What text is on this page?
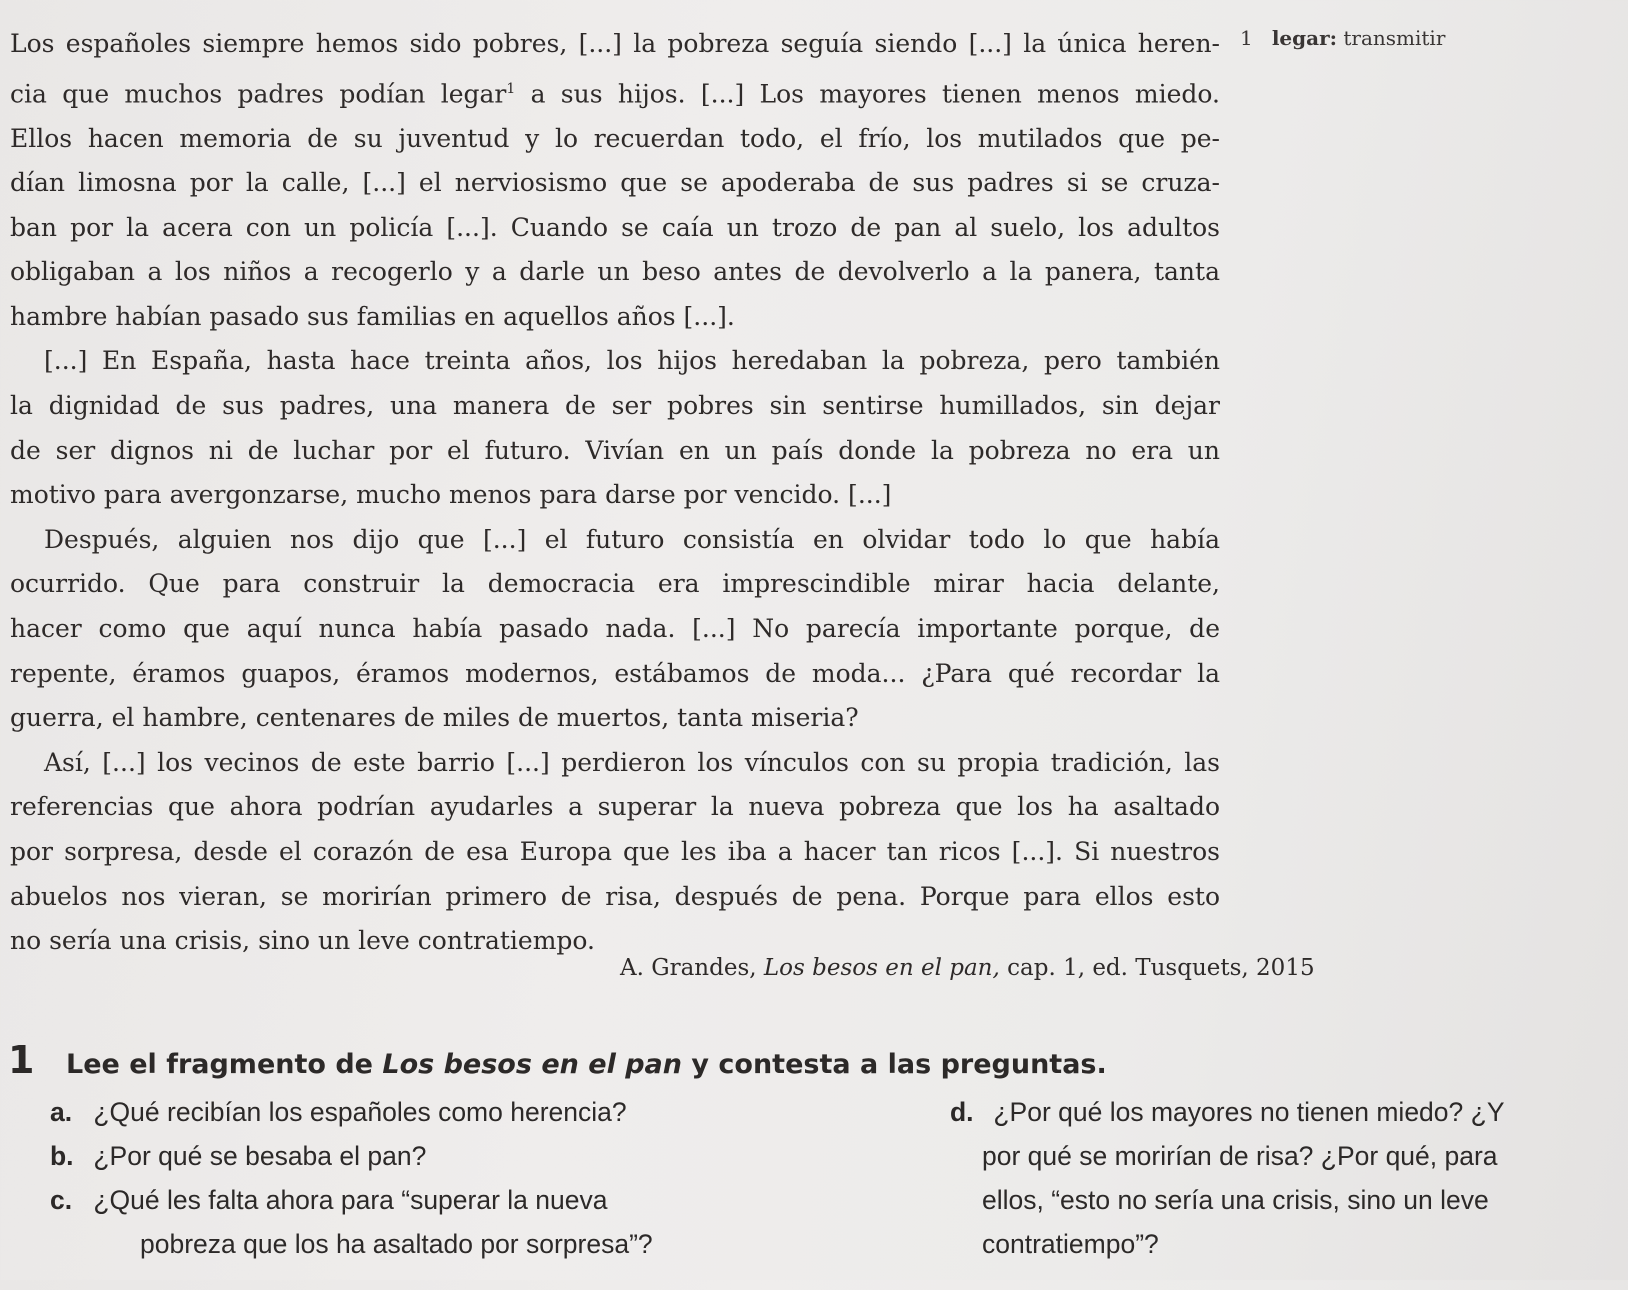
Los españoles siempre hemos sido pobres, [...] la pobreza seguía siendo [...] la única heren-
cia que muchos padres podían legar$^1$ a sus hijos. [...] Los mayores tienen menos miedo.
Ellos hacen memoria de su juventud y lo recuerdan todo, el frío, los mutilados que pe-
dían limosna por la calle, [...] el nerviosismo que se apoderaba de sus padres si se cruza-
ban por la acera con un policía [...]. Cuando se caía un trozo de pan al suelo, los adultos
obligaban a los niños a recogerlo y a darle un beso antes de devolverlo a la panera, tanta
hambre habían pasado sus familias en aquellos años [...].
[...] En España, hasta hace treinta años, los hijos heredaban la pobreza, pero también
la dignidad de sus padres, una manera de ser pobres sin sentirse humillados, sin dejar
de ser dignos ni de luchar por el futuro. Vivían en un país donde la pobreza no era un
motivo para avergonzarse, mucho menos para darse por vencido. [...]
Después, alguien nos dijo que [...] el futuro consistía en olvidar todo lo que había
ocurrido. Que para construir la democracia era imprescindible mirar hacia delante,
hacer como que aquí nunca había pasado nada. [...] No parecía importante porque, de
repente, éramos guapos, éramos modernos, estábamos de moda... ¿Para qué recordar la
guerra, el hambre, centenares de miles de muertos, tanta miseria?
Así, [...] los vecinos de este barrio [...] perdieron los vínculos con su propia tradición, las
referencias que ahora podrían ayudarles a superar la nueva pobreza que los ha asaltado
por sorpresa, desde el corazón de esa Europa que les iba a hacer tan ricos [...]. Si nuestros
abuelos nos vieran, se morirían primero de risa, después de pena. Porque para ellos esto
no sería una crisis, sino un leve contratiempo.
1 legar: transmitir
A. Grandes, Los besos en el pan, cap. 1, ed. Tusquets, 2015
1	Lee el fragmento de Los besos en el pan y contesta a las preguntas.
a. ¿Qué recibían los españoles como herencia?
b. ¿Por qué se besaba el pan?
c. ¿Qué les falta ahora para “superar la nueva
pobreza que los ha asaltado por sorpresa”?
d. ¿Por qué los mayores no tienen miedo? ¿Y
por qué se morirían de risa? ¿Por qué, para
ellos, “esto no sería una crisis, sino un leve
contratiempo”?
